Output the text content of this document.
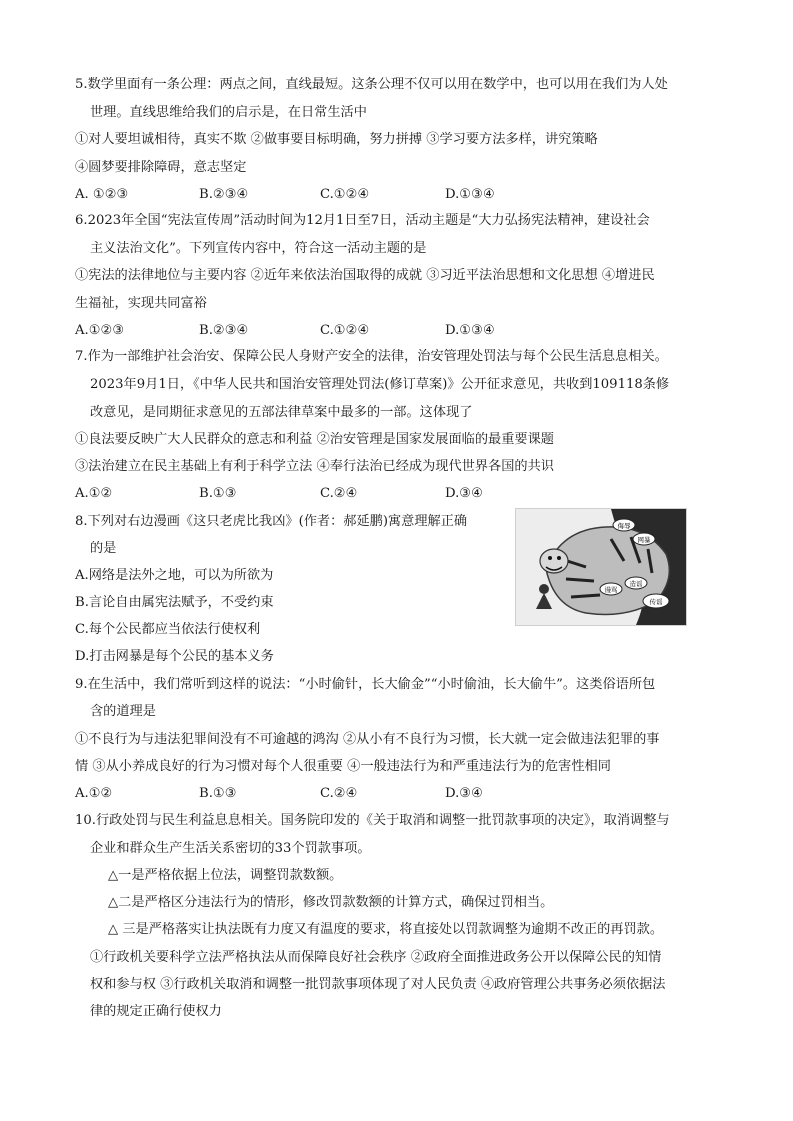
5.数学里面有一条公理：两点之间，直线最短。这条公理不仅可以用在数学中，也可以用在我们为人处
世理。直线思维给我们的启示是，在日常生活中
①对人要坦诚相待，真实不欺 ②做事要目标明确，努力拼搏 ③学习要方法多样，讲究策略
④圆梦要排除障碍，意志坚定
A. ①②③	B.②③④	C.①②④	D.①③④
6.2023年全国“宪法宣传周”活动时间为12月1日至7日，活动主题是“大力弘扬宪法精神，建设社会
主义法治文化”。下列宣传内容中，符合这一活动主题的是
①宪法的法律地位与主要内容 ②近年来依法治国取得的成就 ③习近平法治思想和文化思想 ④增进民
生福祉，实现共同富裕
A.①②③	B.②③④	C.①②④	D.①③④
7.作为一部维护社会治安、保障公民人身财产安全的法律，治安管理处罚法与每个公民生活息息相关。
2023年9月1日，《中华人民共和国治安管理处罚法(修订草案)》公开征求意见，共收到109118条修
改意见，是同期征求意见的五部法律草案中最多的一部。这体现了
①良法要反映广大人民群众的意志和利益 ②治安管理是国家发展面临的最重要课题
③法治建立在民主基础上有利于科学立法 ④奉行法治已经成为现代世界各国的共识
A.①②	B.①③	C.②④	D.③④
8.下列对右边漫画《这只老虎比我凶》(作者：郝延鹏)寓意理解正确
的是
A.网络是法外之地，可以为所欲为
B.言论自由属宪法赋予，不受约束
C.每个公民都应当依法行使权利
D.打击网暴是每个公民的基本义务
谩骂
造谣
传谣
侮辱
网暴
9.在生活中，我们常听到这样的说法：“小时偷针，长大偷金”“小时偷油，长大偷牛”。这类俗语所包
含的道理是
①不良行为与违法犯罪间没有不可逾越的鸿沟 ②从小有不良行为习惯，长大就一定会做违法犯罪的事
情 ③从小养成良好的行为习惯对每个人很重要 ④一般违法行为和严重违法行为的危害性相同
A.①②	B.①③	C.②④	D.③④
10.行政处罚与民生利益息息相关。国务院印发的《关于取消和调整一批罚款事项的决定》，取消调整与
企业和群众生产生活关系密切的33个罚款事项。
△一是严格依据上位法，调整罚款数额。
△二是严格区分违法行为的情形，修改罚款数额的计算方式，确保过罚相当。
△ 三是严格落实让执法既有力度又有温度的要求，将直接处以罚款调整为逾期不改正的再罚款。
①行政机关要科学立法严格执法从而保障良好社会秩序 ②政府全面推进政务公开以保障公民的知情
权和参与权 ③行政机关取消和调整一批罚款事项体现了对人民负责 ④政府管理公共事务必须依据法
律的规定正确行使权力
